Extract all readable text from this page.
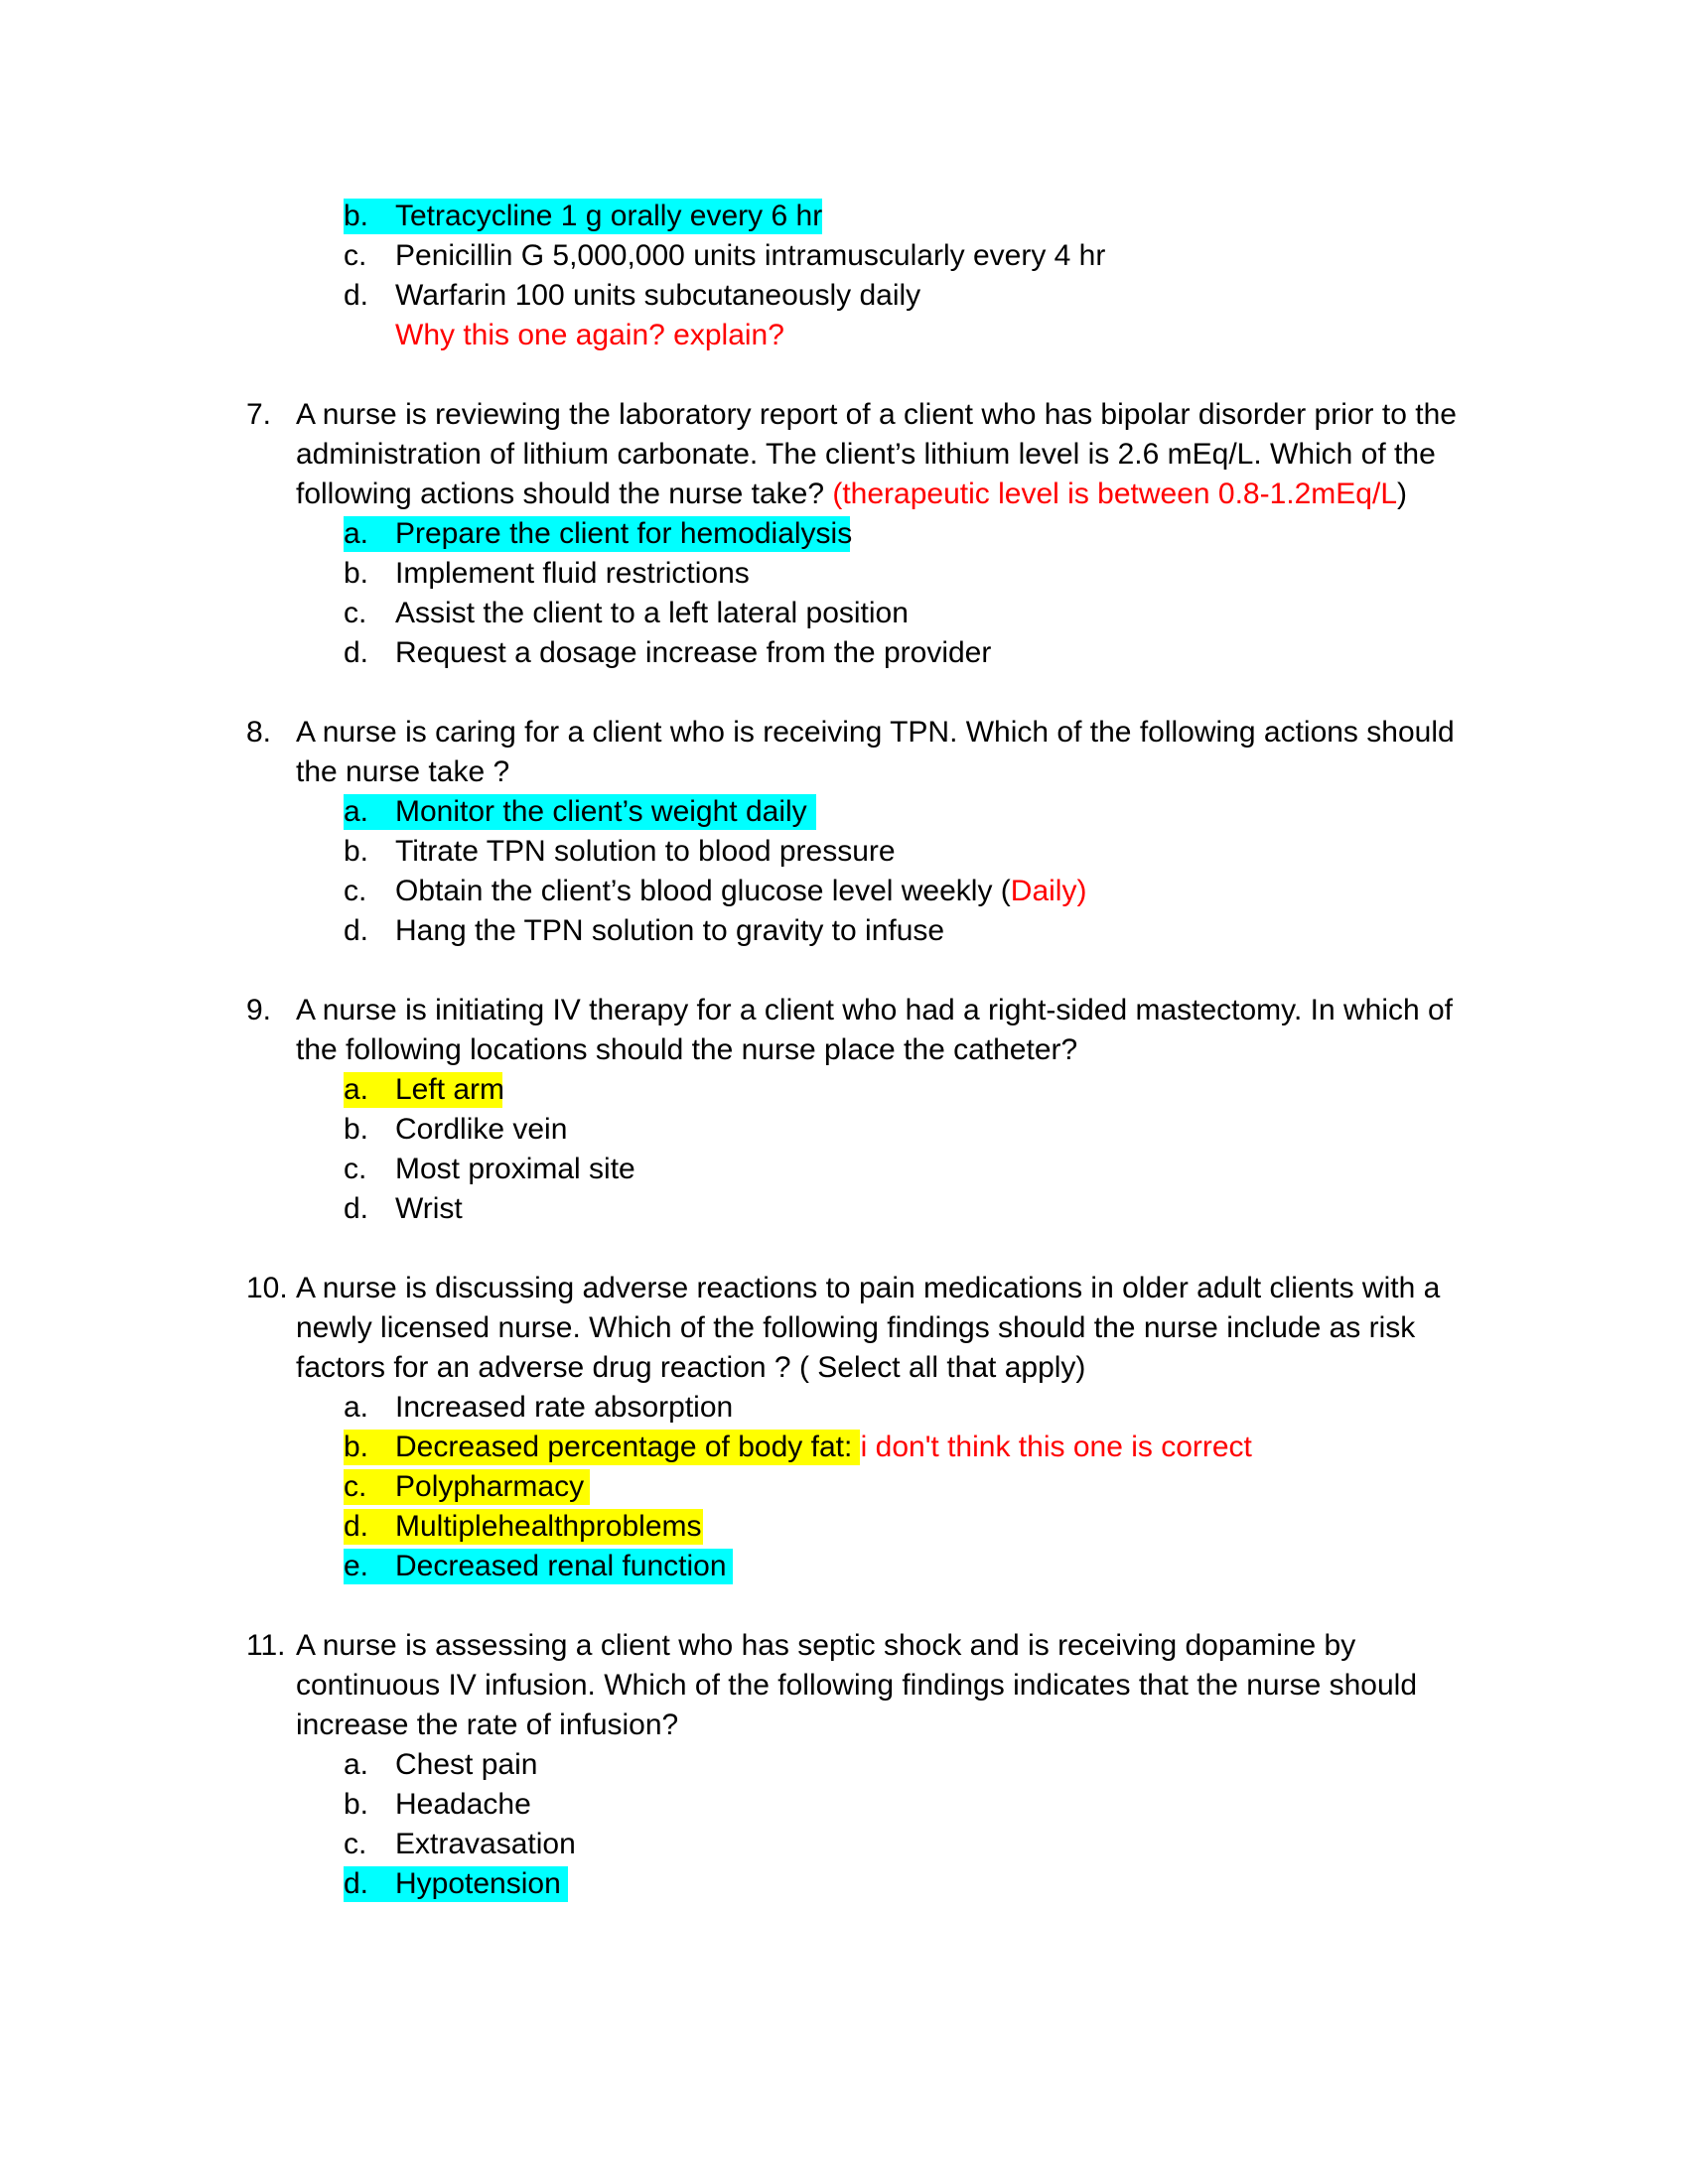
b. Tetracycline 1 g orally every 6 hr
c. Penicillin G 5,000,000 units intramuscularly every 4 hr
d. Warfarin 100 units subcutaneously daily
Why this one again? explain?
7. A nurse is reviewing the laboratory report of a client who has bipolar disorder prior to the
administration of lithium carbonate. The client’s lithium level is 2.6 mEq/L. Which of the
following actions should the nurse take? (therapeutic level is between 0.8-1.2mEq/L)
a. Prepare the client for hemodialysis
b. Implement fluid restrictions
c. Assist the client to a left lateral position
d. Request a dosage increase from the provider
8. A nurse is caring for a client who is receiving TPN. Which of the following actions should
the nurse take ?
a. Monitor the client’s weight daily
b. Titrate TPN solution to blood pressure
c. Obtain the client’s blood glucose level weekly (Daily)
d. Hang the TPN solution to gravity to infuse
9. A nurse is initiating IV therapy for a client who had a right-sided mastectomy. In which of
the following locations should the nurse place the catheter?
a. Left arm
b. Cordlike vein
c. Most proximal site
d. Wrist
10. A nurse is discussing adverse reactions to pain medications in older adult clients with a
newly licensed nurse. Which of the following findings should the nurse include as risk
factors for an adverse drug reaction ? ( Select all that apply)
a. Increased rate absorption
b. Decreased percentage of body fat: i don't think this one is correct
c. Polypharmacy
d. Multiplehealthproblems
e. Decreased renal function
11. A nurse is assessing a client who has septic shock and is receiving dopamine by
continuous IV infusion. Which of the following findings indicates that the nurse should
increase the rate of infusion?
a. Chest pain
b. Headache
c. Extravasation
d. Hypotension
